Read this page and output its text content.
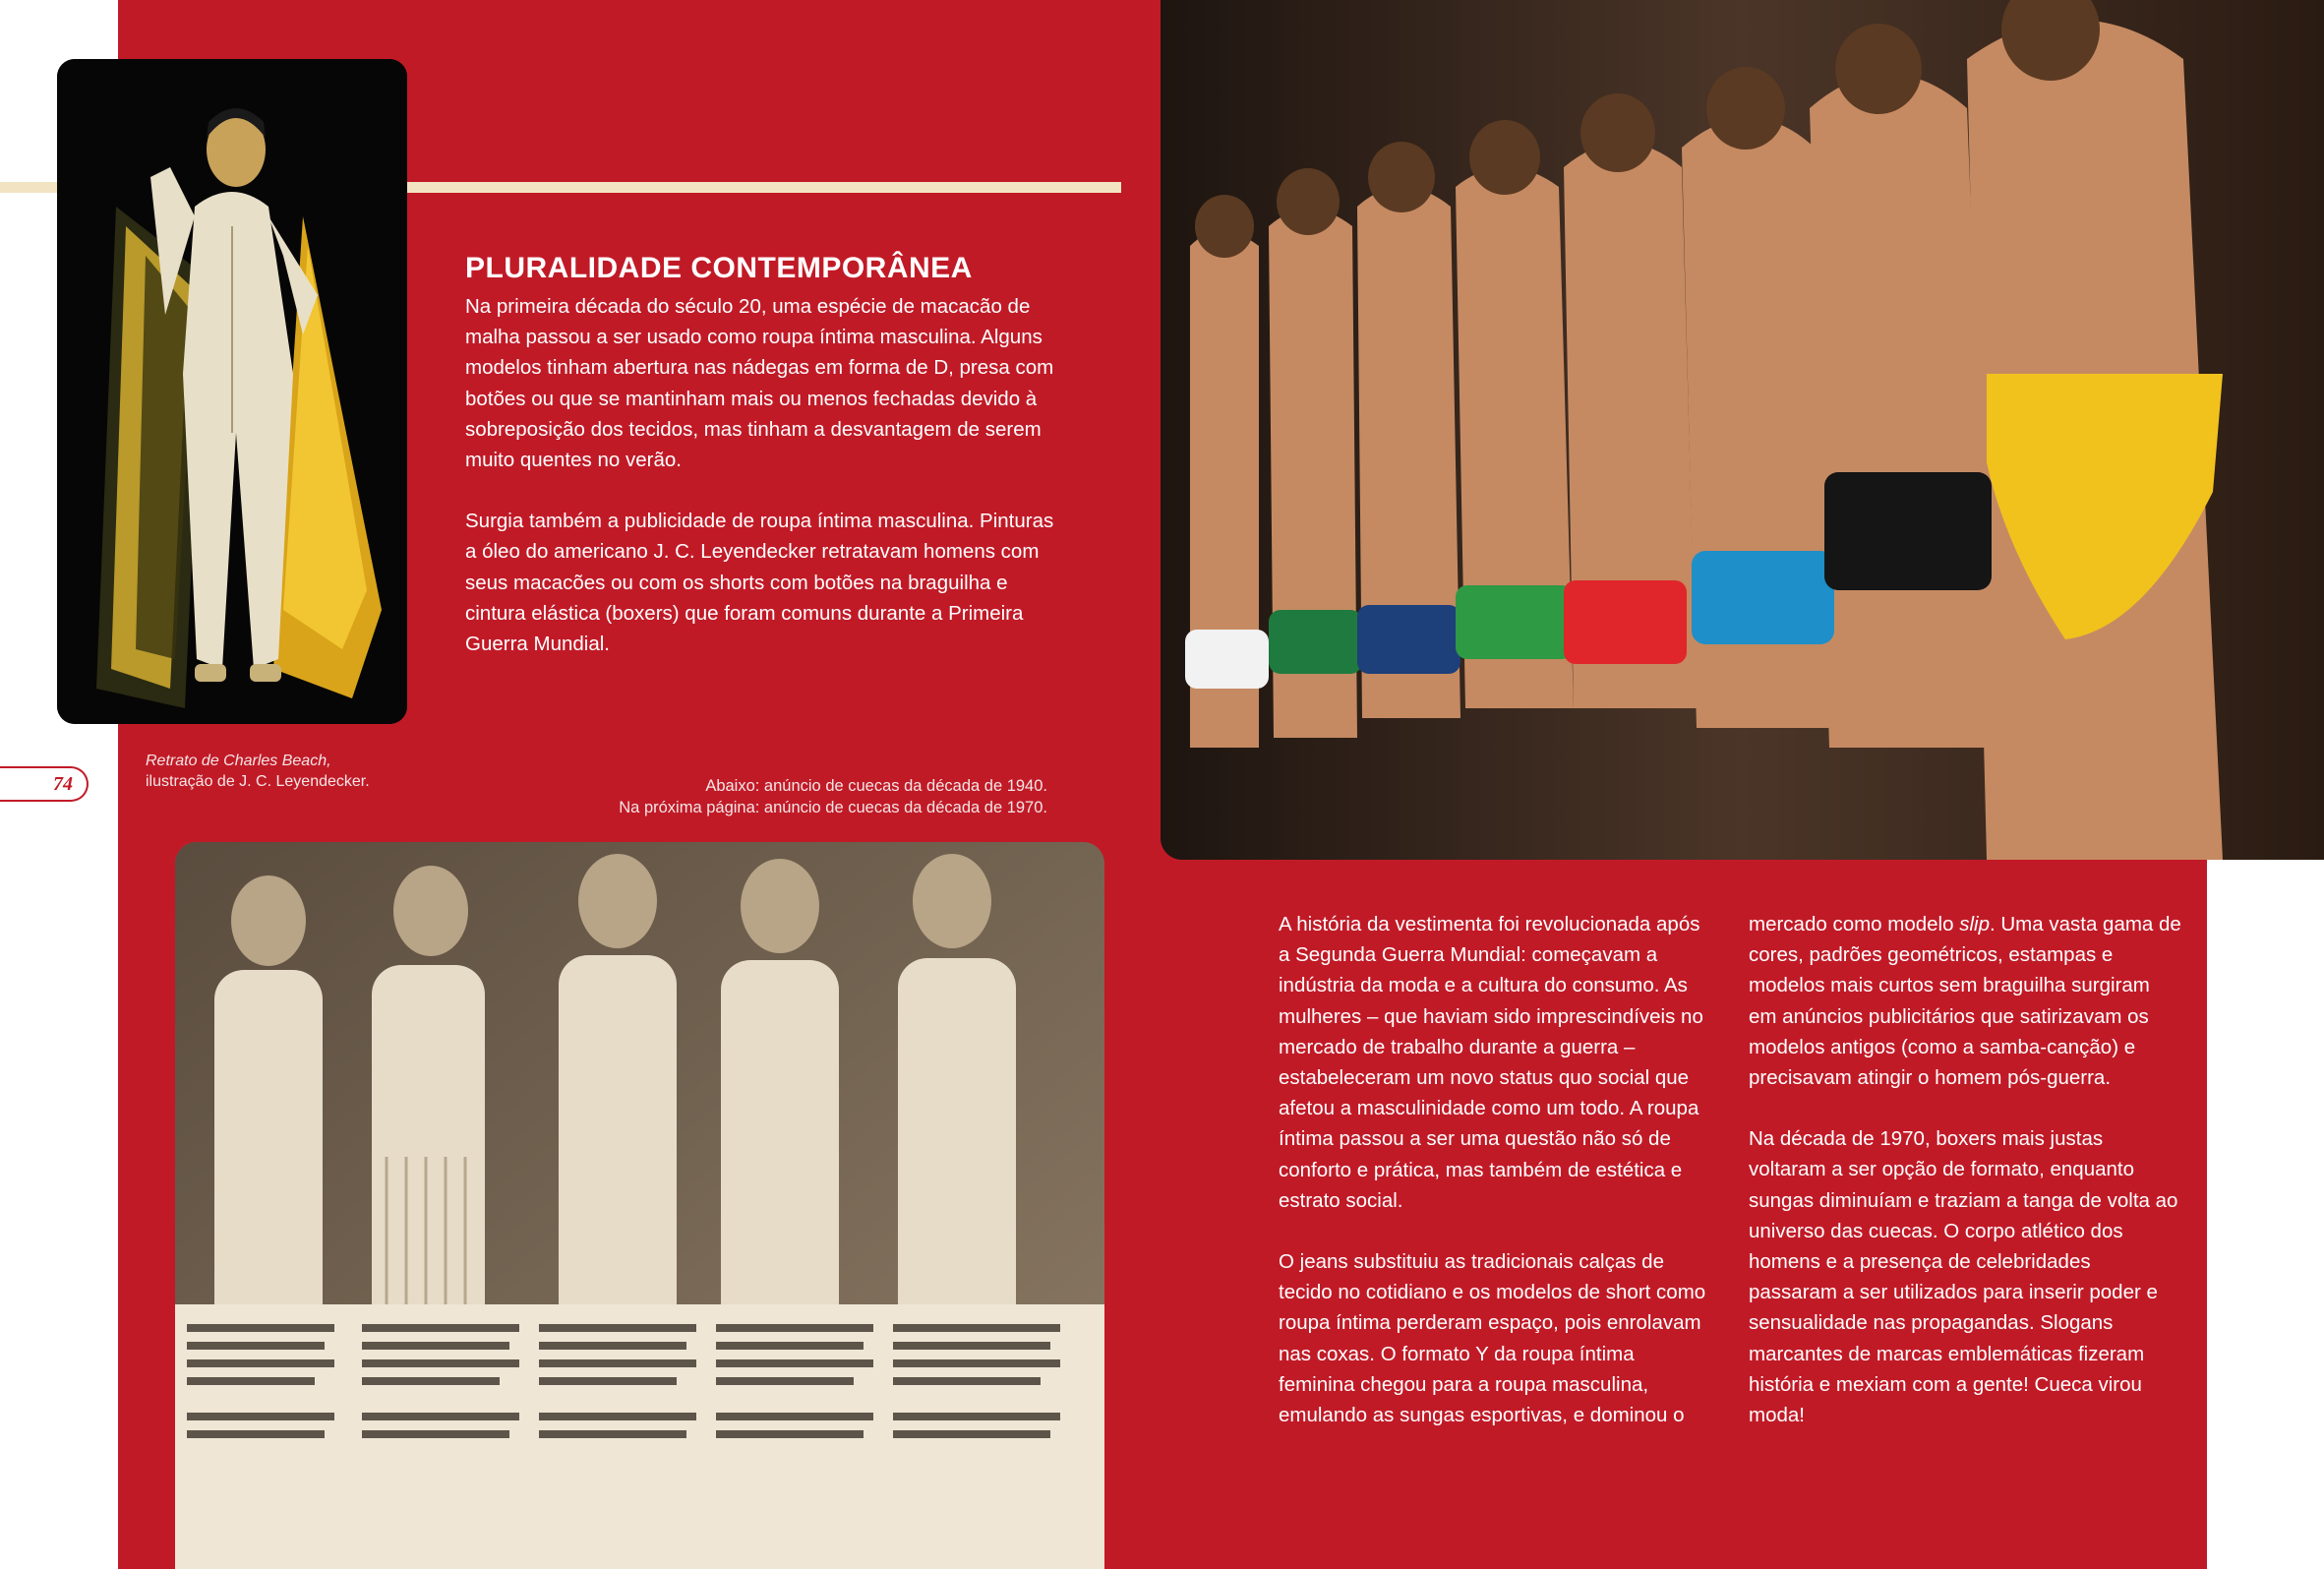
74
Retrato de Charles Beach,
ilustração de J. C. Leyendecker.
PLURALIDADE CONTEMPORÂNEA

Na primeira década do século 20, uma espécie de macacão de malha passou a ser usado como roupa íntima masculina. Alguns modelos tinham abertura nas nádegas em forma de D, presa com botões ou que se mantinham mais ou menos fechadas devido à sobreposição dos tecidos, mas tinham a desvantagem de serem muito quentes no verão.

Surgia também a publicidade de roupa íntima masculina. Pinturas a óleo do americano J. C. Leyendecker retratavam homens com seus macacões ou com os shorts com botões na braguilha e cintura elástica (boxers) que foram comuns durante a Primeira Guerra Mundial.

Abaixo: anúncio de cuecas da década de 1940.
Na próxima página: anúncio de cuecas da década de 1970.

A história da vestimenta foi revolucionada após a Segunda Guerra Mundial: começavam a indústria da moda e a cultura do consumo. As mulheres – que haviam sido imprescindíveis no mercado de trabalho durante a guerra – estabeleceram um novo status quo social que afetou a masculinidade como um todo. A roupa íntima passou a ser uma questão não só de conforto e prática, mas também de estética e estrato social.

O jeans substituiu as tradicionais calças de tecido no cotidiano e os modelos de short como roupa íntima perderam espaço, pois enrolavam nas coxas. O formato Y da roupa íntima feminina chegou para a roupa masculina, emulando as sungas esportivas, e dominou o

mercado como modelo slip. Uma vasta gama de cores, padrões geométricos, estampas e modelos mais curtos sem braguilha surgiram em anúncios publicitários que satirizavam os modelos antigos (como a samba-canção) e precisavam atingir o homem pós-guerra.

Na década de 1970, boxers mais justas voltaram a ser opção de formato, enquanto sungas diminuíam e traziam a tanga de volta ao universo das cuecas. O corpo atlético dos homens e a presença de celebridades passaram a ser utilizados para inserir poder e sensualidade nas propagandas. Slogans marcantes de marcas emblemáticas fizeram história e mexiam com a gente! Cueca virou moda!
